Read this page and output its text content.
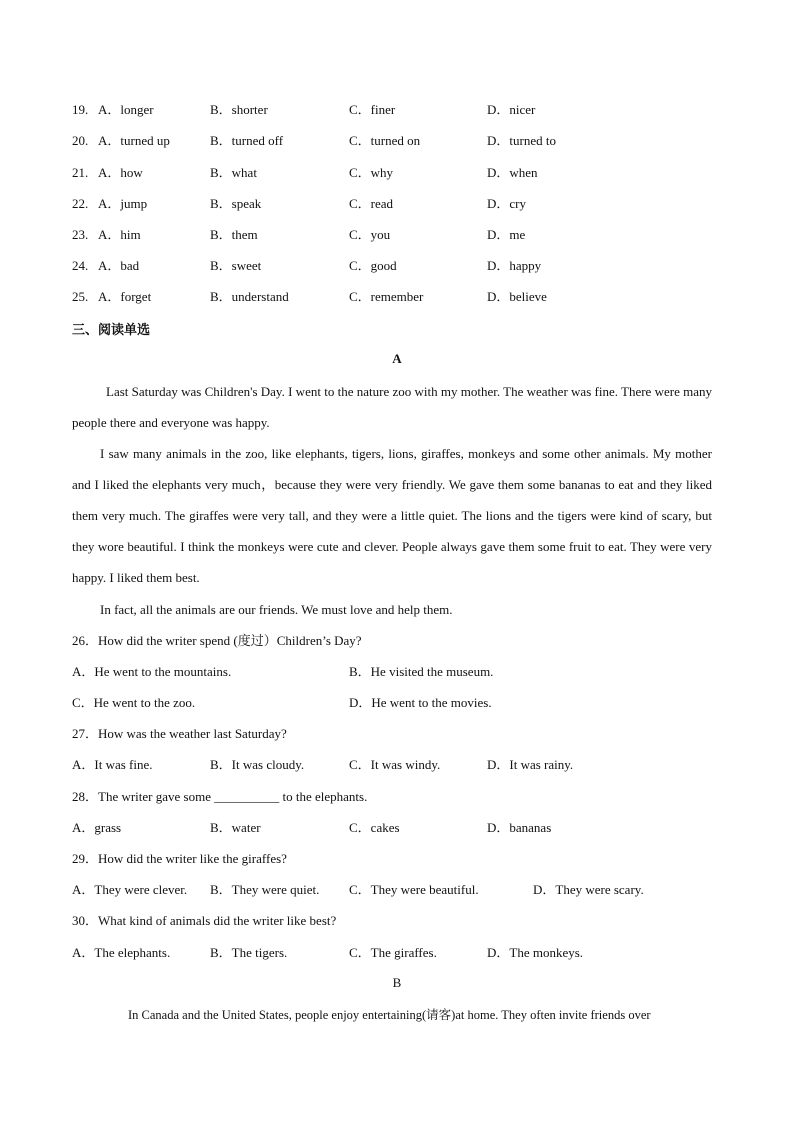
19. A．longer	B．shorter	C．finer	D．nicer
20. A．turned up	B．turned off	C．turned on	D．turned to
21. A．how	B．what	C．why	D．when
22. A．jump	B．speak	C．read	D．cry
23. A．him	B．them	C．you	D．me
24. A．bad	B．sweet	C．good	D．happy
25. A．forget	B．understand	C．remember	D．believe
三、阅读单选
A
Last Saturday was Children's Day. I went to the nature zoo with my mother. The weather was fine. There were many people there and everyone was happy.
I saw many animals in the zoo, like elephants, tigers, lions, giraffes, monkeys and some other animals. My mother and I liked the elephants very much，because they were very friendly. We gave them some bananas to eat and they liked them very much. The giraffes were very tall, and they were a little quiet. The lions and the tigers were kind of scary, but they wore beautiful. I think the monkeys were cute and clever. People always gave them some fruit to eat. They were very happy. I liked them best.
In fact, all the animals are our friends. We must love and help them.
26．How did the writer spend (度过）Children’s Day?
A．He went to the mountains.	B．He visited the museum.
C．He went to the zoo.	D．He went to the movies.
27．How was the weather last Saturday?
A．It was fine.	B．It was cloudy.	C．It was windy.	D．It was rainy.
28．The writer gave some __________ to the elephants.
A．grass	B．water	C．cakes	D．bananas
29．How did the writer like the giraffes?
A．They were clever. B．They were quiet. C．They were beautiful.	D．They were scary.
30．What kind of animals did the writer like best?
A．The elephants.	B．The tigers.	C．The giraffes.	D．The monkeys.
B
In Canada and the United States, people enjoy entertaining(请客)at home. They often invite friends over
